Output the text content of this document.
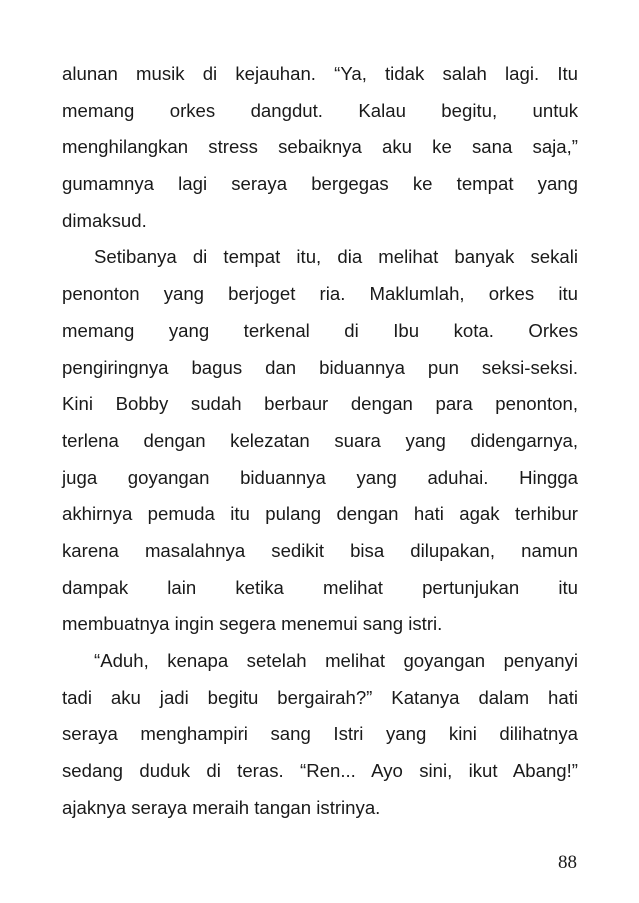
alunan musik di kejauhan. “Ya, tidak salah lagi. Itu
memang orkes dangdut. Kalau begitu, untuk
menghilangkan stress sebaiknya aku ke sana saja,”
gumamnya lagi seraya bergegas ke tempat yang
dimaksud.
Setibanya di tempat itu, dia melihat banyak sekali
penonton yang berjoget ria. Maklumlah, orkes itu
memang yang terkenal di Ibu kota. Orkes
pengiringnya bagus dan biduannya pun seksi-seksi.
Kini Bobby sudah berbaur dengan para penonton,
terlena dengan kelezatan suara yang didengarnya,
juga goyangan biduannya yang aduhai. Hingga
akhirnya pemuda itu pulang dengan hati agak terhibur
karena masalahnya sedikit bisa dilupakan, namun
dampak lain ketika melihat pertunjukan itu
membuatnya ingin segera menemui sang istri.
“Aduh, kenapa setelah melihat goyangan penyanyi
tadi aku jadi begitu bergairah?” Katanya dalam hati
seraya menghampiri sang Istri yang kini dilihatnya
sedang duduk di teras. “Ren... Ayo sini, ikut Abang!”
ajaknya seraya meraih tangan istrinya.
88
